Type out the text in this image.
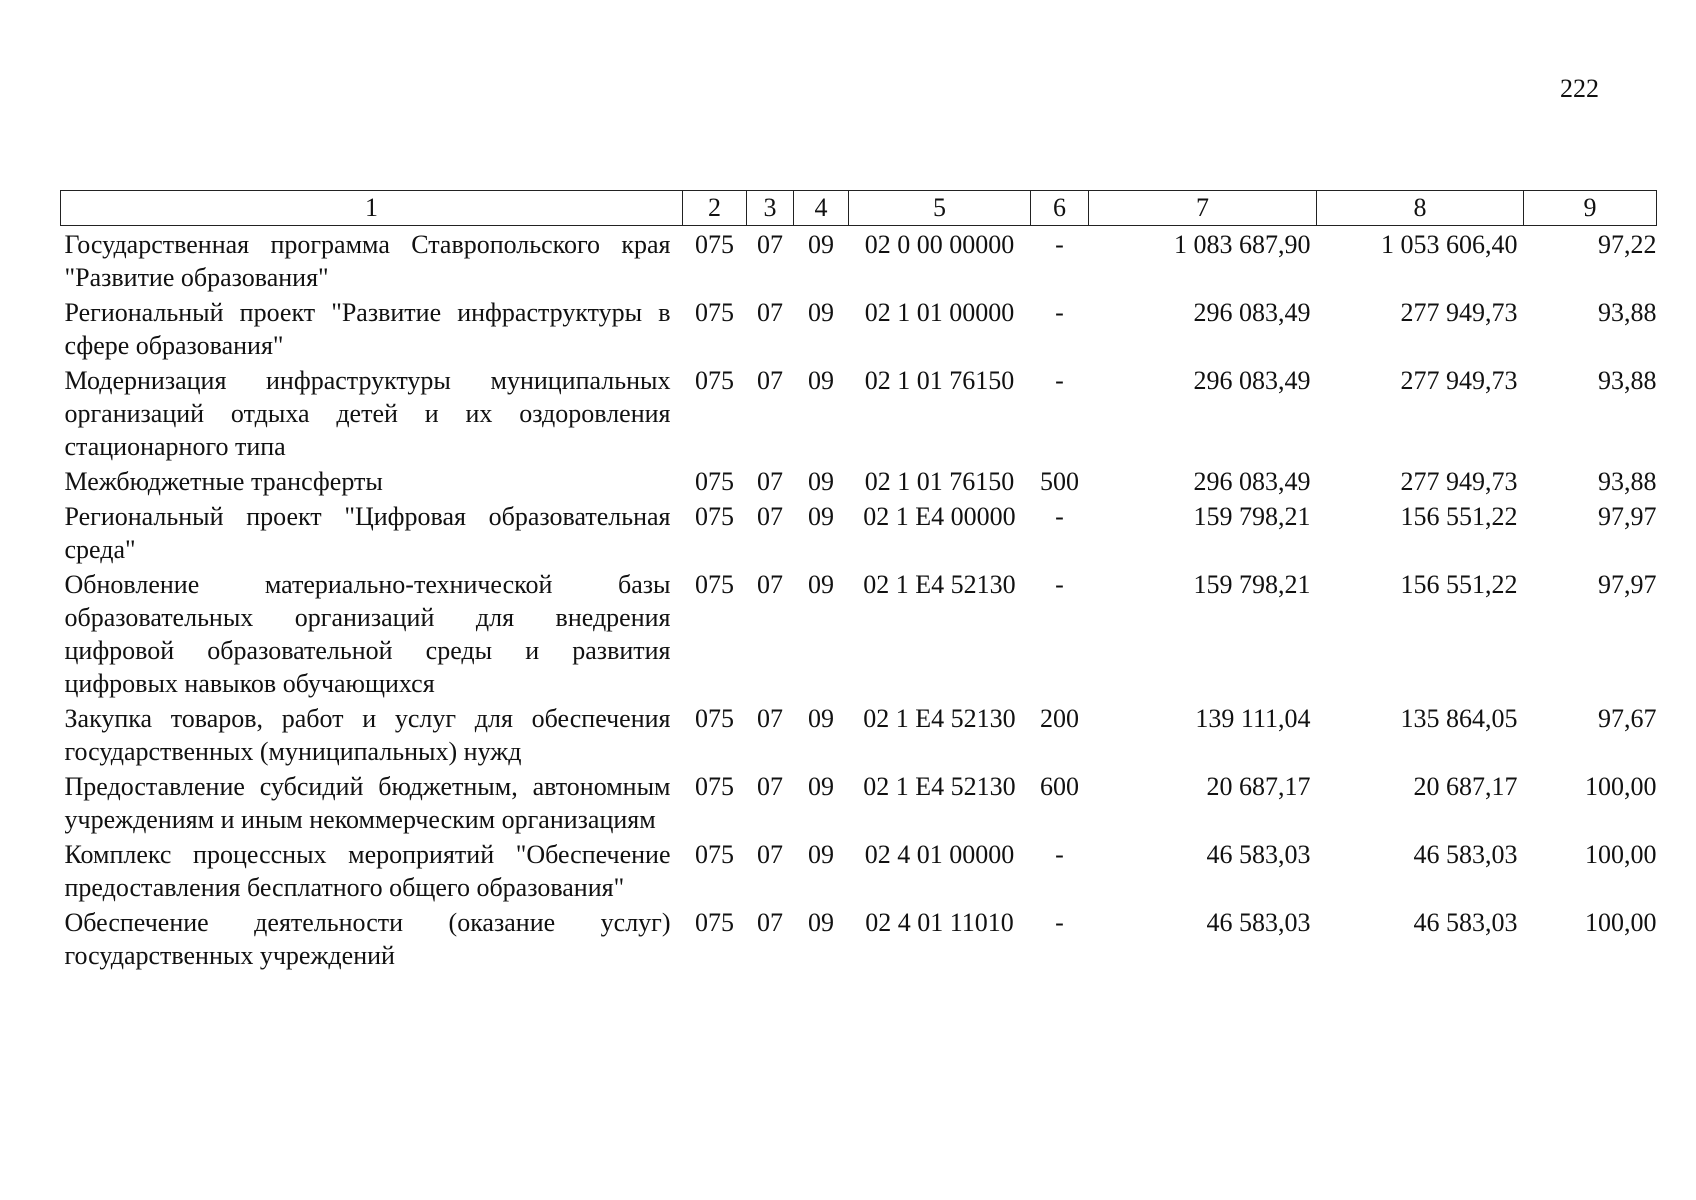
222
1	2	3	4	5	6	7	8	9
Государственная программа Ставропольского края "Развитие образования"	075	07	09	02 0 00 00000	-	1 083 687,90	1 053 606,40	97,22
Региональный проект "Развитие инфраструктуры в сфере образования"	075	07	09	02 1 01 00000	-	296 083,49	277 949,73	93,88
Модернизация инфраструктуры муниципальных организаций отдыха детей и их оздоровления стационарного типа	075	07	09	02 1 01 76150	-	296 083,49	277 949,73	93,88
Межбюджетные трансферты	075	07	09	02 1 01 76150	500	296 083,49	277 949,73	93,88
Региональный проект "Цифровая образовательная среда"	075	07	09	02 1 E4 00000	-	159 798,21	156 551,22	97,97
Обновление материально-технической базы образовательных организаций для внедрения цифровой образовательной среды и развития цифровых навыков обучающихся	075	07	09	02 1 E4 52130	-	159 798,21	156 551,22	97,97
Закупка товаров, работ и услуг для обеспечения государственных (муниципальных) нужд	075	07	09	02 1 E4 52130	200	139 111,04	135 864,05	97,67
Предоставление субсидий бюджетным, автономным учреждениям и иным некоммерческим организациям	075	07	09	02 1 E4 52130	600	20 687,17	20 687,17	100,00
Комплекс процессных мероприятий "Обеспечение предоставления бесплатного общего образования"	075	07	09	02 4 01 00000	-	46 583,03	46 583,03	100,00
Обеспечение деятельности (оказание услуг) государственных учреждений	075	07	09	02 4 01 11010	-	46 583,03	46 583,03	100,00
